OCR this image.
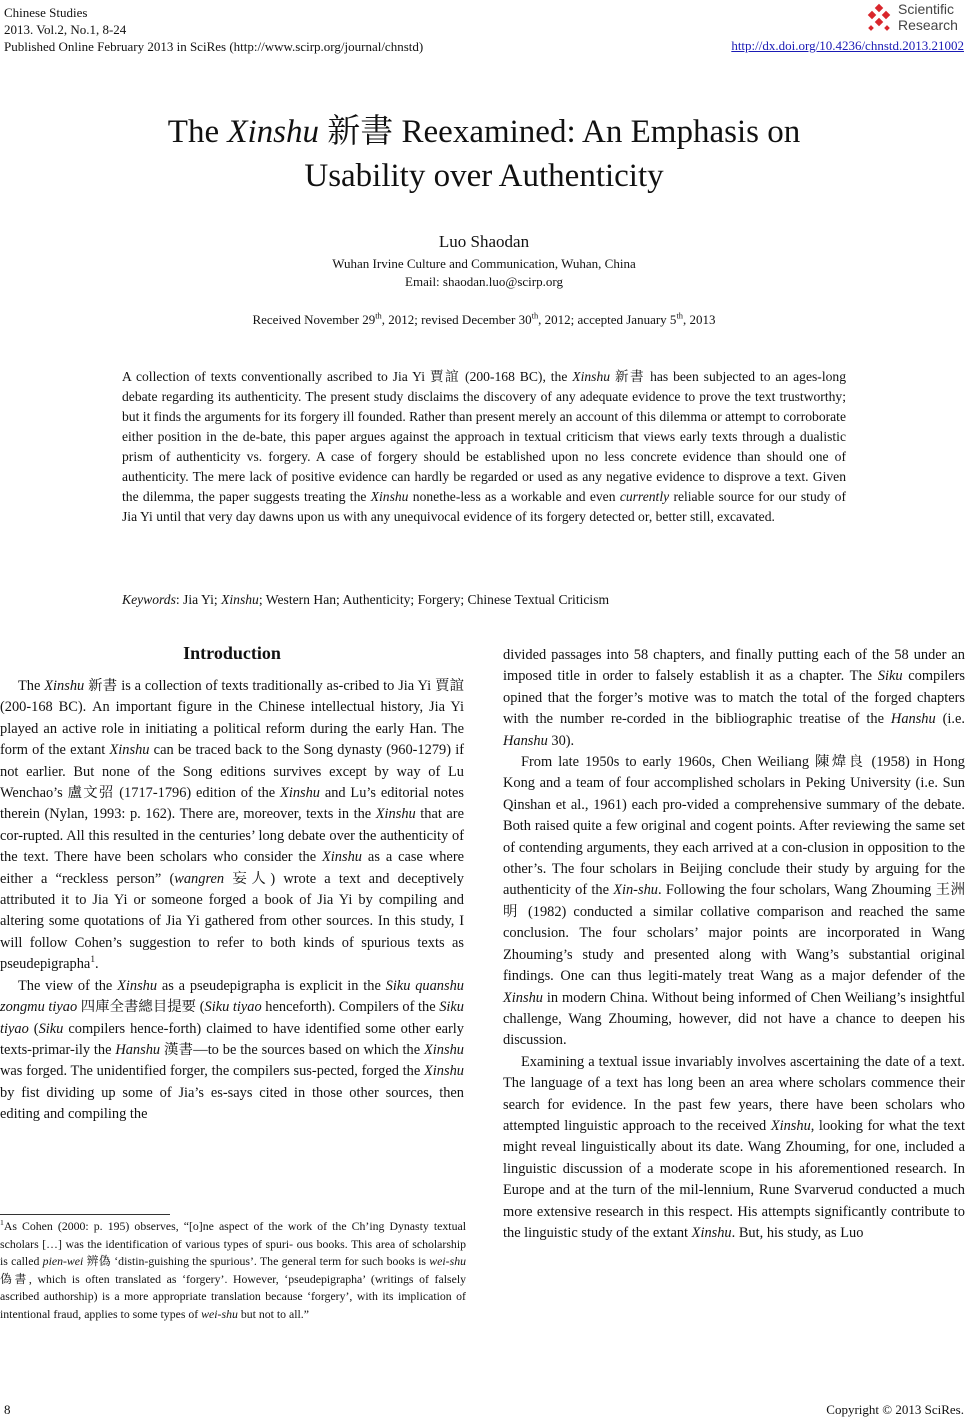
Chinese Studies
2013. Vol.2, No.1, 8-24
Published Online February 2013 in SciRes (http://www.scirp.org/journal/chnstd)	http://dx.doi.org/10.4236/chnstd.2013.21002
Scientific
Research
The Xinshu 新書 Reexamined: An Emphasis on
Usability over Authenticity
Luo Shaodan
Wuhan Irvine Culture and Communication, Wuhan, China
Email: shaodan.luo@scirp.org
Received November 29th, 2012; revised December 30th, 2012; accepted January 5th, 2013
A collection of texts conventionally ascribed to Jia Yi 賈誼 (200-168 BC), the Xinshu 新書 has been subjected to an ages-long debate regarding its authenticity. The present study disclaims the discovery of any adequate evidence to prove the text trustworthy; but it finds the arguments for its forgery ill founded. Rather than present merely an account of this dilemma or attempt to corroborate either position in the de-bate, this paper argues against the approach in textual criticism that views early texts through a dualistic prism of authenticity vs. forgery. A case of forgery should be established upon no less concrete evidence than should one of authenticity. The mere lack of positive evidence can hardly be regarded or used as any negative evidence to disprove a text. Given the dilemma, the paper suggests treating the Xinshu nonethe-less as a workable and even currently reliable source for our study of Jia Yi until that very day dawns upon us with any unequivocal evidence of its forgery detected or, better still, excavated.
Keywords: Jia Yi; Xinshu; Western Han; Authenticity; Forgery; Chinese Textual Criticism
Introduction

The Xinshu 新書 is a collection of texts traditionally as-cribed to Jia Yi 賈誼 (200-168 BC). An important figure in the Chinese intellectual history, Jia Yi played an active role in initiating a political reform during the early Han. The form of the extant Xinshu can be traced back to the Song dynasty (960-1279) if not earlier. But none of the Song editions survives except by way of Lu Wenchao’s 盧文弨 (1717-1796) edition of the Xinshu and Lu’s editorial notes therein (Nylan, 1993: p. 162). There are, moreover, texts in the Xinshu that are cor-rupted. All this resulted in the centuries’ long debate over the authenticity of the text. There have been scholars who consider the Xinshu as a case where either a “reckless person” (wangren 妄人) wrote a text and deceptively attributed it to Jia Yi or someone forged a book of Jia Yi by compiling and altering some quotations of Jia Yi gathered from other sources. In this study, I will follow Cohen’s suggestion to refer to both kinds of spurious texts as pseudepigrapha$^1$.

The view of the Xinshu as a pseudepigrapha is explicit in the Siku quanshu zongmu tiyao 四庫全書總目提要 (Siku tiyao henceforth). Compilers of the Siku tiyao (Siku compilers hence-forth) claimed to have identified some other early texts-primar-ily the Hanshu 漢書—to be the sources based on which the Xinshu was forged. The unidentified forger, the compilers sus-pected, forged the Xinshu by fist dividing up some of Jia’s es-says cited in those other sources, then editing and compiling the

$^1$As Cohen (2000: p. 195) observes, “[o]ne aspect of the work of the Ch’ing Dynasty textual scholars […] was the identification of various types of spuri- ous books. This area of scholarship is called pien-wei 辨偽 ‘distin-guishing the spurious’. The general term for such books is wei-shu 偽書, which is often translated as ‘forgery’. However, ‘pseudepigrapha’ (writings of falsely ascribed authorship) is a more appropriate translation because ‘forgery’, with its implication of intentional fraud, applies to some types of wei-shu but not to all.”

divided passages into 58 chapters, and finally putting each of the 58 under an imposed title in order to falsely establish it as a chapter. The Siku compilers opined that the forger’s motive was to match the total of the forged chapters with the number re-corded in the bibliographic treatise of the Hanshu (i.e. Hanshu 30).

From late 1950s to early 1960s, Chen Weiliang 陳煒良 (1958) in Hong Kong and a team of four accomplished scholars in Peking University (i.e. Sun Qinshan et al., 1961) each pro-vided a comprehensive summary of the debate. Both raised quite a few original and cogent points. After reviewing the same set of contending arguments, they each arrived at a con-clusion in opposition to the other’s. The four scholars in Beijing conclude their study by arguing for the authenticity of the Xin-shu. Following the four scholars, Wang Zhouming 王洲明 (1982) conducted a similar collative comparison and reached the same conclusion. The four scholars’ major points are incorporated in Wang Zhouming’s study and presented along with Wang’s substantial original findings. One can thus legiti-mately treat Wang as a major defender of the Xinshu in modern China. Without being informed of Chen Weiliang’s insightful challenge, Wang Zhouming, however, did not have a chance to deepen his discussion.

Examining a textual issue invariably involves ascertaining the date of a text. The language of a text has long been an area where scholars commence their search for evidence. In the past few years, there have been scholars who attempted linguistic approach to the received Xinshu, looking for what the text might reveal linguistically about its date. Wang Zhouming, for one, included a linguistic discussion of a moderate scope in his aforementioned research. In Europe and at the turn of the mil-lennium, Rune Svarverud conducted a much more extensive research in this respect. His attempts significantly contribute to the linguistic study of the extant Xinshu. But, his study, as Luo

8	Copyright © 2013 SciRes.
